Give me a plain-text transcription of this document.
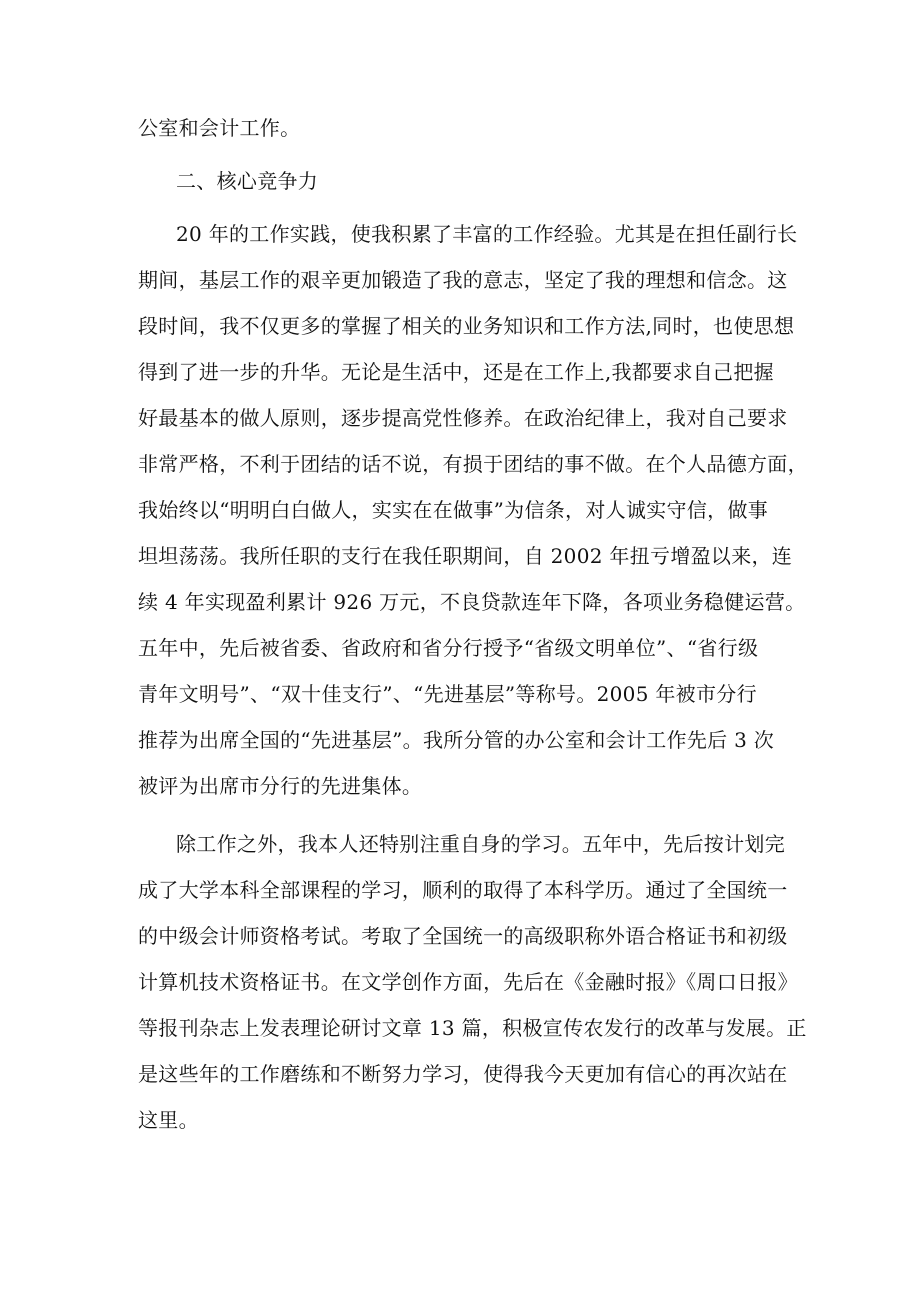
公室和会计工作。
二、核心竞争力
20 年的工作实践，使我积累了丰富的工作经验。尤其是在担任副行长
期间，基层工作的艰辛更加锻造了我的意志，坚定了我的理想和信念。这
段时间，我不仅更多的掌握了相关的业务知识和工作方法,同时，也使思想
得到了进一步的升华。无论是生活中，还是在工作上,我都要求自己把握
好最基本的做人原则，逐步提高党性修养。在政治纪律上，我对自己要求
非常严格，不利于团结的话不说，有损于团结的事不做。在个人品德方面，
我始终以“明明白白做人，实实在在做事”为信条，对人诚实守信，做事
坦坦荡荡。我所任职的支行在我任职期间，自 2002 年扭亏增盈以来，连
续 4 年实现盈利累计 926 万元，不良贷款连年下降，各项业务稳健运营。
五年中，先后被省委、省政府和省分行授予“省级文明单位”、“省行级
青年文明号”、“双十佳支行”、“先进基层”等称号。2005 年被市分行
推荐为出席全国的“先进基层”。我所分管的办公室和会计工作先后 3 次
被评为出席市分行的先进集体。
除工作之外，我本人还特别注重自身的学习。五年中，先后按计划完
成了大学本科全部课程的学习，顺利的取得了本科学历。通过了全国统一
的中级会计师资格考试。考取了全国统一的高级职称外语合格证书和初级
计算机技术资格证书。在文学创作方面，先后在《金融时报》《周口日报》
等报刊杂志上发表理论研讨文章 13 篇，积极宣传农发行的改革与发展。正
是这些年的工作磨练和不断努力学习，使得我今天更加有信心的再次站在
这里。
